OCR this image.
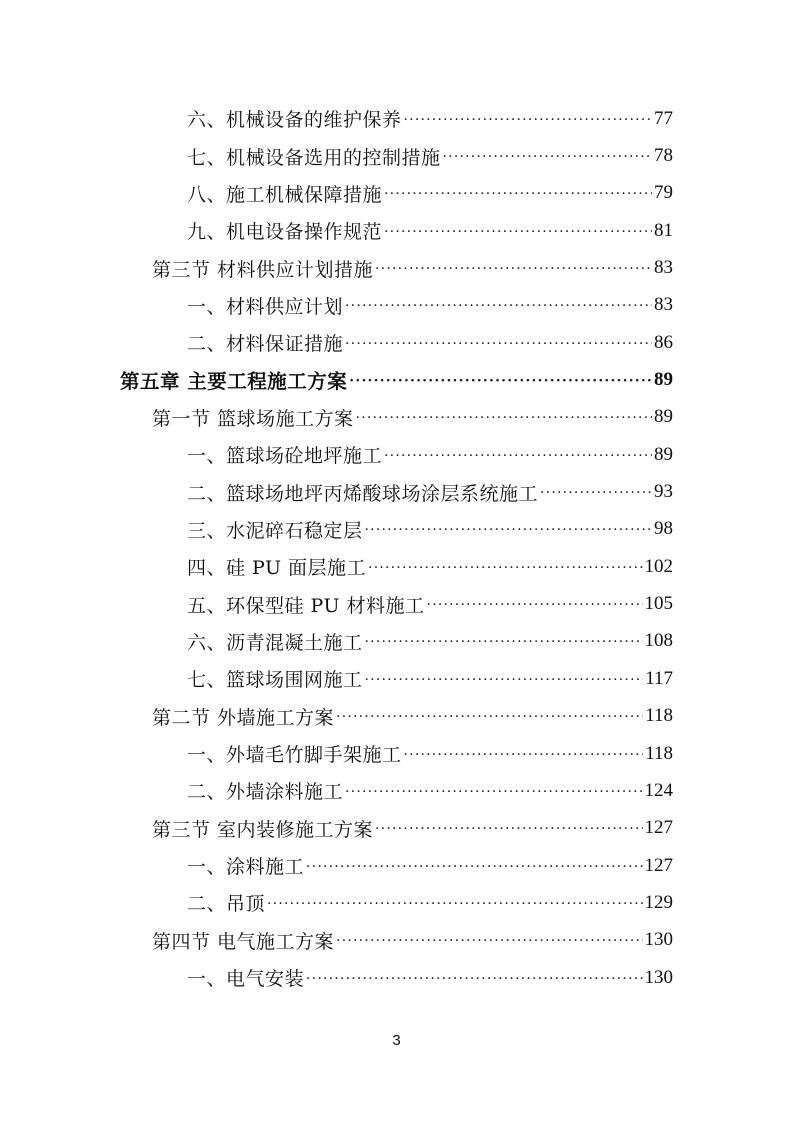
六、机械设备的维护保养 ·····	77
七、机械设备选用的控制措施 ·····	78
八、施工机械保障措施 ·····	79
九、机电设备操作规范 ·····	81
第三节 材料供应计划措施 ·····	83
一、材料供应计划 ·····	83
二、材料保证措施 ·····	86
第五章 主要工程施工方案 ·····	89
第一节 篮球场施工方案 ·····	89
一、篮球场砼地坪施工 ·····	89
二、篮球场地坪丙烯酸球场涂层系统施工 ·····	93
三、水泥碎石稳定层 ·····	98
四、硅 PU 面层施工 ·····	102
五、环保型硅 PU 材料施工 ·····	105
六、沥青混凝土施工 ·····	108
七、篮球场围网施工 ·····	117
第二节 外墙施工方案 ·····	118
一、外墙毛竹脚手架施工 ·····	118
二、外墙涂料施工 ·····	124
第三节 室内装修施工方案 ·····	127
一、涂料施工 ·····	127
二、吊顶 ·····	129
第四节 电气施工方案 ·····	130
一、电气安装 ·····	130
3
